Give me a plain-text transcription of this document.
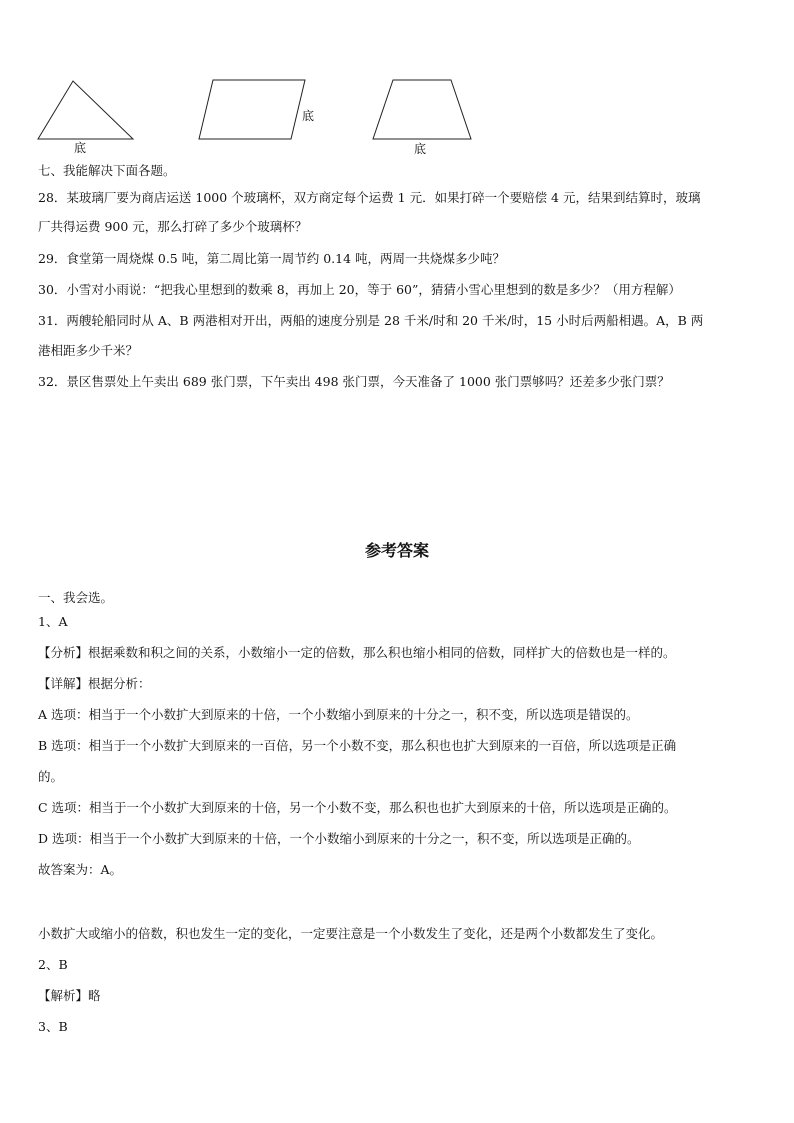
底
底
底
七、我能解决下面各题。
28．某玻璃厂要为商店运送 1000 个玻璃杯，双方商定每个运费 1 元．如果打碎一个要赔偿 4 元，结果到结算时，玻璃
厂共得运费 900 元，那么打碎了多少个玻璃杯？
29．食堂第一周烧煤 0.5 吨，第二周比第一周节约 0.14 吨，两周一共烧煤多少吨？
30．小雪对小雨说：“把我心里想到的数乘 8，再加上 20，等于 60”，猜猜小雪心里想到的数是多少？（用方程解）
31．两艘轮船同时从 A、B 两港相对开出，两船的速度分别是 28 千米/时和 20 千米/时，15 小时后两船相遇。A，B 两
港相距多少千米？
32．景区售票处上午卖出 689 张门票，下午卖出 498 张门票，今天准备了 1000 张门票够吗？还差多少张门票？
参考答案
一、我会选。
1、A
【分析】根据乘数和积之间的关系，小数缩小一定的倍数，那么积也缩小相同的倍数，同样扩大的倍数也是一样的。
【详解】根据分析：
A 选项：相当于一个小数扩大到原来的十倍，一个小数缩小到原来的十分之一，积不变，所以选项是错误的。
B 选项：相当于一个小数扩大到原来的一百倍，另一个小数不变，那么积也也扩大到原来的一百倍，所以选项是正确
的。
C 选项：相当于一个小数扩大到原来的十倍，另一个小数不变，那么积也也扩大到原来的十倍，所以选项是正确的。
D 选项：相当于一个小数扩大到原来的十倍，一个小数缩小到原来的十分之一，积不变，所以选项是正确的。
故答案为：A。
小数扩大或缩小的倍数，积也发生一定的变化，一定要注意是一个小数发生了变化，还是两个小数都发生了变化。
2、B
【解析】略
3、B
